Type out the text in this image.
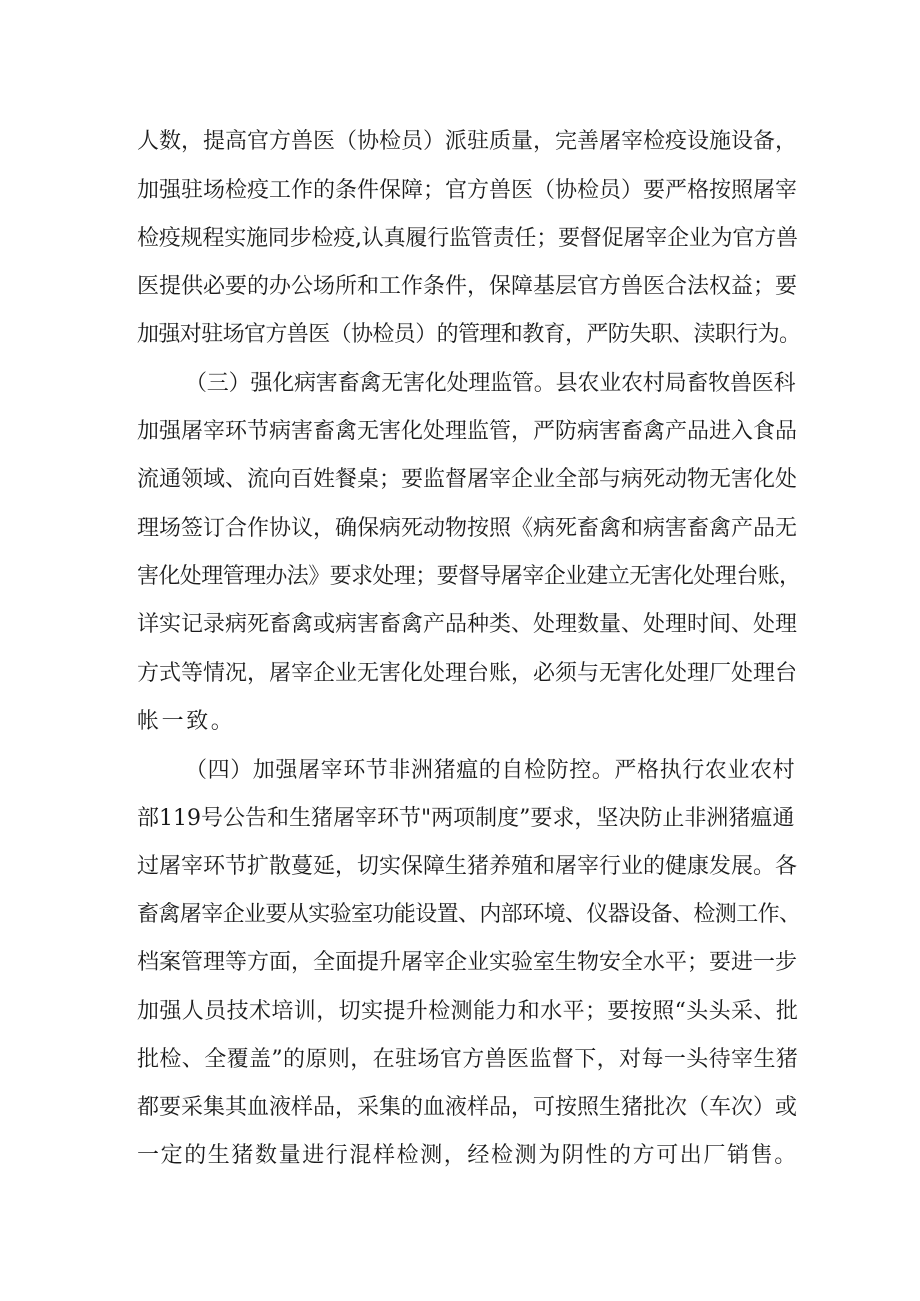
人数，提高官方兽医（协检员）派驻质量，完善屠宰检疫设施设备，
加强驻场检疫工作的条件保障；官方兽医（协检员）要严格按照屠宰
检疫规程实施同步检疫,认真履行监管责任；要督促屠宰企业为官方兽
医提供必要的办公场所和工作条件，保障基层官方兽医合法权益；要
加强对驻场官方兽医（协检员）的管理和教育，严防失职、渎职行为。
（三）强化病害畜禽无害化处理监管。县农业农村局畜牧兽医科
加强屠宰环节病害畜禽无害化处理监管，严防病害畜禽产品进入食品
流通领域、流向百姓餐桌；要监督屠宰企业全部与病死动物无害化处
理场签订合作协议，确保病死动物按照《病死畜禽和病害畜禽产品无
害化处理管理办法》要求处理；要督导屠宰企业建立无害化处理台账，
详实记录病死畜禽或病害畜禽产品种类、处理数量、处理时间、处理
方式等情况，屠宰企业无害化处理台账，必须与无害化处理厂处理台
帐一致。
（四）加强屠宰环节非洲猪瘟的自检防控。严格执行农业农村
部119号公告和生猪屠宰环节"两项制度”要求，坚决防止非洲猪瘟通
过屠宰环节扩散蔓延，切实保障生猪养殖和屠宰行业的健康发展。各
畜禽屠宰企业要从实验室功能设置、内部环境、仪器设备、检测工作、
档案管理等方面，全面提升屠宰企业实验室生物安全水平；要进一步
加强人员技术培训，切实提升检测能力和水平；要按照“头头采、批
批检、全覆盖”的原则，在驻场官方兽医监督下，对每一头待宰生猪
都要采集其血液样品，采集的血液样品，可按照生猪批次（车次）或
一定的生猪数量进行混样检测，经检测为阴性的方可出厂销售。
